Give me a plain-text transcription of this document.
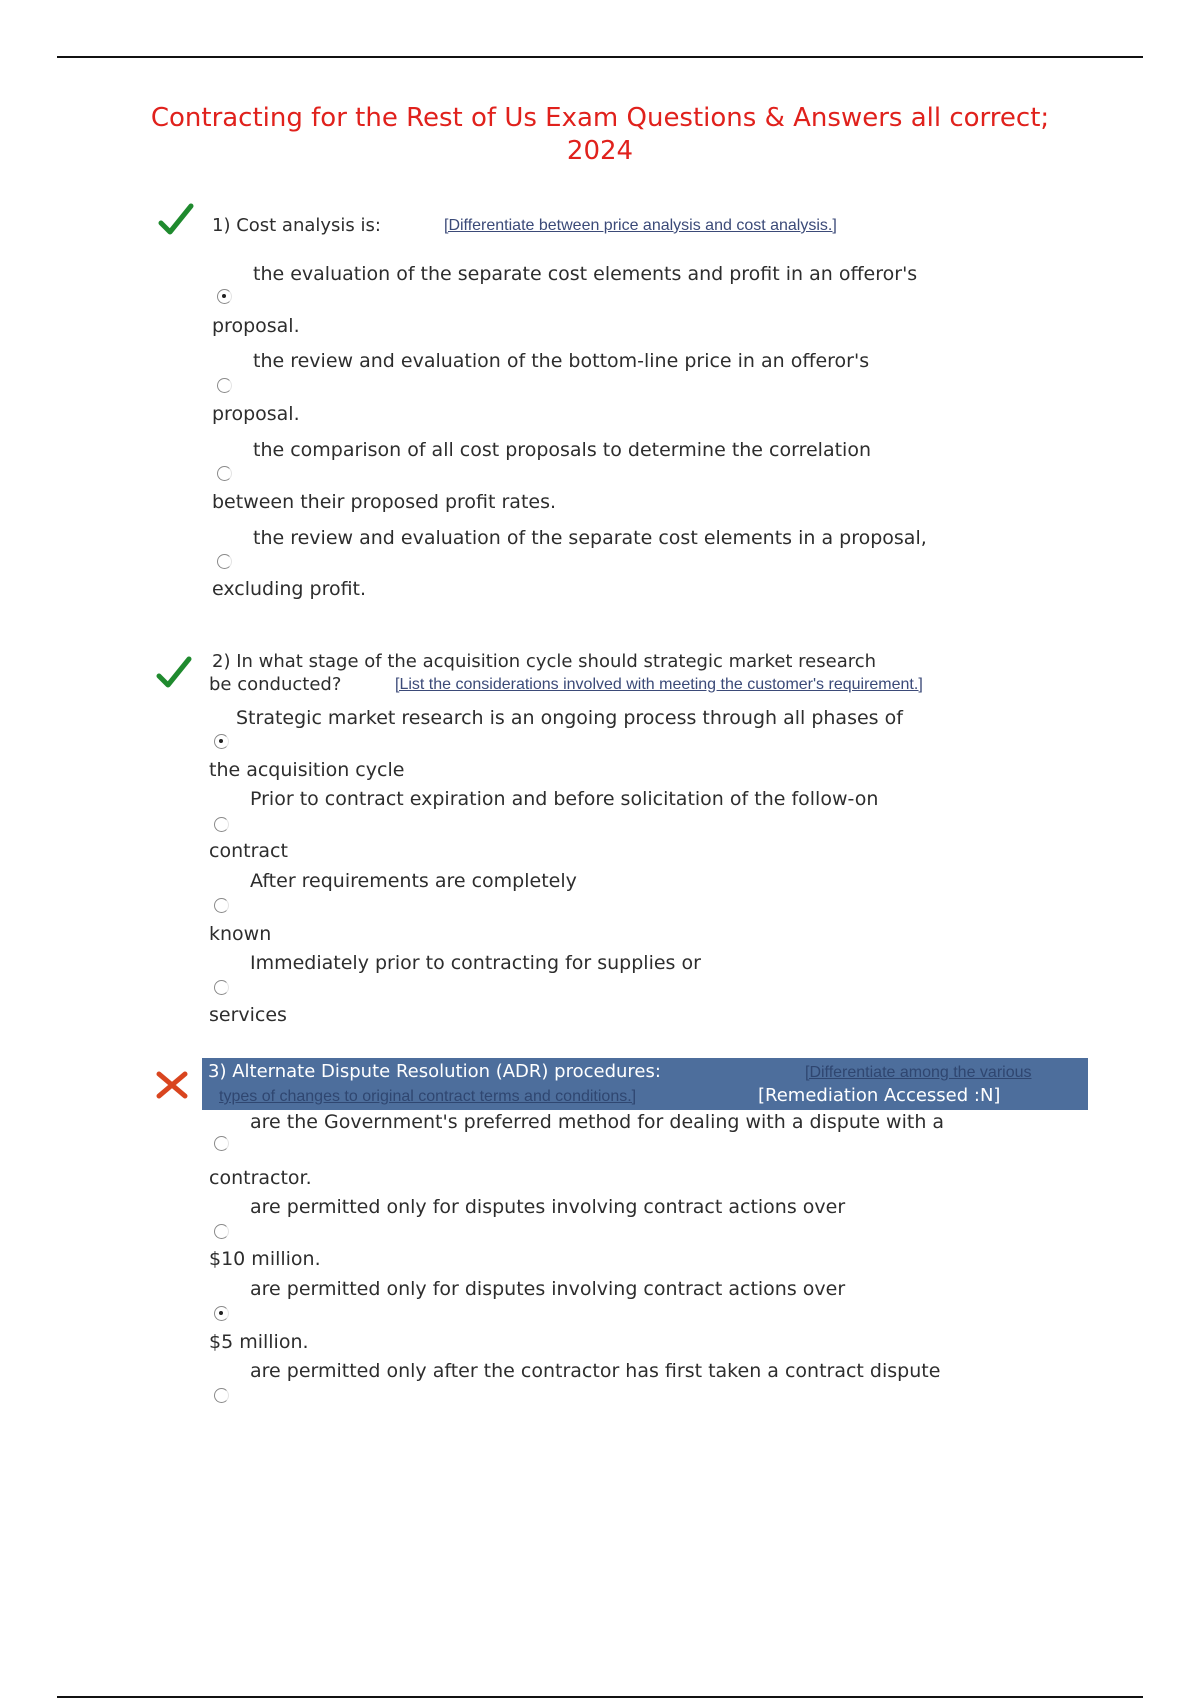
Contracting for the Rest of Us Exam Questions & Answers all correct;
2024
1) Cost analysis is:	[Differentiate between price analysis and cost analysis.]
the evaluation of the separate cost elements and profit in an offeror's
proposal.
the review and evaluation of the bottom-line price in an offeror's
proposal.
the comparison of all cost proposals to determine the correlation
between their proposed profit rates.
the review and evaluation of the separate cost elements in a proposal,
excluding profit.
2) In what stage of the acquisition cycle should strategic market research
be conducted?	[List the considerations involved with meeting the customer's requirement.]
Strategic market research is an ongoing process through all phases of
the acquisition cycle
Prior to contract expiration and before solicitation of the follow-on
contract
After requirements are completely
known
Immediately prior to contracting for supplies or
services
3) Alternate Dispute Resolution (ADR) procedures:	[Differentiate among the various
types of changes to original contract terms and conditions.]	[Remediation Accessed :N]
are the Government's preferred method for dealing with a dispute with a
contractor.
are permitted only for disputes involving contract actions over
$10 million.
are permitted only for disputes involving contract actions over
$5 million.
are permitted only after the contractor has first taken a contract dispute
